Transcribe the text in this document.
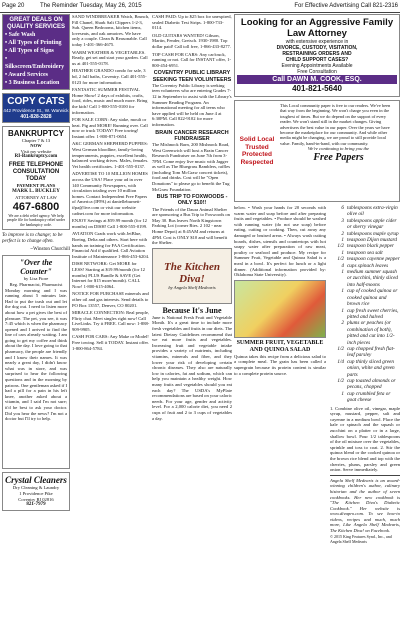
Page 20	The Reminder Tuesday, May 26, 2015	For Effective Advertising Call 821-2316
GREAT DEALS ON QUALITY SERVICES
• Safe Wash
• All Types of Printing
• All Types of Signs
• Silkscreen/Embroidery
• Award Services
• 3 Business Location
COPY CATS
442 Providence St., W. Warwick
401-828-2828
BANKRUPTCY
Chapter 7 & 13
NOW
Visit my website
RI-Bankruptcy.com
FREE TELEPHONE CONSULTATION
TODAY
PAYMENT PLANS
MARK L. BUCKLEY
ATTORNEY AT LAW
467-6800
We are a debt relief agency. We help people file for bankruptcy relief under the bankruptcy code.
To improve is to change; to be perfect is to change often.
~Winston Churchill
"Over the Counter"
by Lisa Fiore
Reg. Pharmacist, Pharmacist
Monday morning and I was running about 5 minutes late. Had to put the trash out and let the dog out. I need to listen more about how a pet gives the best of pleasure. The pet, you see, it was 7:45 which is when the pharmacy opened and I arrived to find the line of cars already waiting. I am going to get my coffee and think about the day. I love going to that pharmacy, the people are friendly and I know their names. It was nearly a great day, I didn't know what was in store, and was surprised to hear the following questions and in the morning by patrons. One gentleman asked if I had a pill for a pain in his left knee, another asked about a vitamin, and I said I'm not sure; it'd be best to ask your doctor. Did you hear the news? I'm not a doctor but I'll try to help.
Crystal Cleaners
Dry Cleaning & Laundry
1 Providence Pike
Coventry RI 02816
821-7979
SAND WINDBREAKER Watch, Brunch, Fill Chanel, Shark Salt Clippers 1-2-3, Sub. Queen Bedrooms, kitchen items, loveseats, and oak armoires. We have only a couple. Clean & Reasonable. Call today 1-401-366-4675.
WARM WEATHER & VEGETABLES. Ready, get set and start your garden. Call us at 401-555-0178.
HEATHER GRANDO condo for sale, 3 bd, 2 full baths, Coventry. Call 401-555-0123 for more information.
FANTASTIC SUMMER FESTIVAL Home Show! 2 days of exhibits, crafts, food, rides, music and much more. Bring the kids! Call 1-800-555-0100 for information.
FOR SALE CORN: Any stake, moult or heat. Pig and MORE! Running over. Call now or truck TODAY! Free towing! Instant offer. 1-800-871-0654
AKC GERMAN SHEPHERD PUPPIES: West German bloodline, family-loving temperaments, puppies, excellent health, balanced working drives. Males, females. Vet health certificates. 1-401-555-0137.
ADVERTISE TO 10 MILLION HOMES across the USA! Place your ad in over 140 Community Newspapers, with circulation totaling over 10 million homes. Contact Independent Free Papers of America (IFPA) at danielleburnett-ifpa@live.com or visit our website cadnet.com for more information.
ENJOY Savings at $59.99 month (for 12 months) on DISH! Call 1-800-555-0199.
AVIATION Grads work with JetBlue, Boeing, Delta and others. Start here with hands on training for FAA Certification. Financial Aid if qualified. Call Aviation Institute of Maintenance 1-866-453-6204.
DISH NETWORK: Get MORE for LESS! Starting at $19.99/month (for 12 months) PLUS Bundle & SAVE (Get Internet for $15 more/month). CALL Now! 1-800-615-4064.
NOTICE FOR PURCHASE minerals and other oil and gas interests. Send details to PO Box 13557, Denver, CO 80201.
MIRACLE CONNECTION: Real people, Flirty chat. Meet singles right now! Call LiveLinks. Try it FREE. Call now: 1-888-909-9905.
CASH FOR CARS: Any Make or Model! Free towing. Sell it TODAY. Instant offer. 1-800-864-5784.
CASH PAID: Up to $25 box for unexpired, sealed Diabetic Test Strips. 1-800-733-0114.
OLD GUITARS WANTED! Gibson, Martin, Fender, Gretsch. 1930-1980. Top dollar paid! Call toll free, 1-866-433-8277.
TOP CASH FOR CARS: Any car/truck, running or not. Call for INSTANT offer, 1-800-454-6951.
COVENTRY PUBLIC LIBRARY SEEKING TEEN VOLUNTEERS
The Coventry Public Library is seeking teen volunteers who are entering Grades 7-12 in September to assist with the Library's Summer Reading Program. An informational meeting for all teens who have applied will be held on June 4 at 6:30PM. Call 822-9102 for more information.
BRAIN CANCER RESEARCH FUNDRAISER
The Mishnock Barn, 200 Mishnock Road, West Greenwich will host a Brain Cancer Research Fundraiser on June 7th from 3-7PM. Come enjoy live music with Jagger as well as The Bluegrass Ramblers, raffles (including Tom McGraw concert tickets), food and drinks. Cost will be "Open Donations" to please go to benefit the Tug McGraw Foundation.
BUS TRIP TO FOXWOODS - ONLY $10!!
The Friends of the Daura Animal Shelter are sponsoring a Bus Trip to Foxwoods on May 30. Bus leaves North Kingstown Parking Lot (corner Rtes. 2 102 - near Home Depot) at 8:45AM and returns at 4PM. Cost is ONLY $10 and will benefit the Shelter.
The Kitchen Diva!
by Angela Shelf Medearis
Because It's June
June is National Fresh Fruit and Vegetable Month. It's a great time to include more fresh vegetables and fruits in our diets. The latest Dietary Guidelines recommend that we eat more fruits and vegetables. Increasing fruit and vegetable intake provides a variety of nutrients, including vitamins, minerals and fiber, and they lower your risk of developing certain chronic diseases. They also are naturally low in calories, fat and sodium, which can help you maintain a healthy weight. How many fruits and vegetables should you eat each day? The USDA's MyPlate recommendations are based on your caloric needs. For your age, gender and activity level. For a 2,000 calorie diet, you need 2 cups of fruit and 2 to 3 cups of vegetables a day.
Looking for an Aggressive Family Law Attorney
with extensive experience in
DIVORCE, CUSTODY, VISITATION,
RESTRAINING ORDERS AND
CHILD SUPPORT CASES?
Evening Appointments Available
Free Consultation
Call DAWN M. COOK, ESQ.
401-821-5640
Solid Local Trusted Protected Respected
This Local community paper is free to our readers. We've been that way from the beginning. We won't charge you even in the toughest of times. But we do depend on the support of every reader. We won't stand still in the market changes. Giving advertisers the best value in our paper. Over the years we have become the marketplace for our community. And while other media might be changing, we are proud to still provide local value. Family, hand-in-hand, with our community.
We're continuing to bring you the
Free Papers
below. • Wash your hands for 20 seconds with warm water and soap before and after preparing fruits and vegetables. • Produce should be washed with running water (do not use soap) before eating, cutting or cooking. Then, cut away any damaged or bruised areas. • Always wash cutting boards, dishes, utensils and countertops with hot soapy water after preparation of raw meat, poultry or seafood and produce. My recipe for Summer Fruit, Vegetable and Quinoa Salad is a meal in a bowl. It's perfect for lunch or a light dinner. (Additional information provided by: Oklahoma State University).
SUMMER FRUIT, VEGETABLE AND QUINOA SALAD
Quinoa takes this recipe from a delicious salad to a complete meal. The grain has been called a supergrain because its protein content is similar to a complete protein source.
6 tablespoons extra-virgin olive oil
3 tablespoons apple cider or sherry vinegar
2 tablespoons maple syrup
1 teaspoon Dijon mustard
1/2 teaspoon black pepper
1 teaspoon sea salt
1/2 teaspoon cayenne pepper
4 cups spinach leaves
1 medium summer squash or zucchini, thinly sliced into half-moons
1 cup of cooked quinoa or cooked quinoa and brown rice
1 cup fresh sweet cherries, pitted and halved
2 plums or peaches (or combination of both), pitted and cut into 1/2-inch pieces
1/2 cup chopped fresh flat-leaf parsley
1/4 cup thinly sliced green onion, white and green parts
1/2 cup toasted almonds or pecans, chopped
1 cup crumbled feta or goat cheese
1. Combine olive oil, vinegar, maple syrup, mustard, pepper, salt and cayenne in a medium bowl. Place the kale or spinach and the squash or zucchini on a platter or in a large, shallow bowl. Pour 1/2 tablespoons of the oil mixture over the vegetables, sprinkle and toss to coat. 2. Stir the quinoa blend or the cooked quinoa or the brown rice blend and top with the cherries, plums, parsley and green onion. Serve immediately.
Angela Shelf Medearis is an award-winning children's author, culinary historian and the author of seven cookbooks. Her new cookbook is "The Kitchen Diva's Diabetic Cookbook." Her website is www.divapro.com. To see how-to videos, recipes and much, much more, Like Angela Shelf Medearis, The Kitchen Diva! on Facebook.
© 2015 King Features Synd., Inc., and Angela Shelf Medearis
